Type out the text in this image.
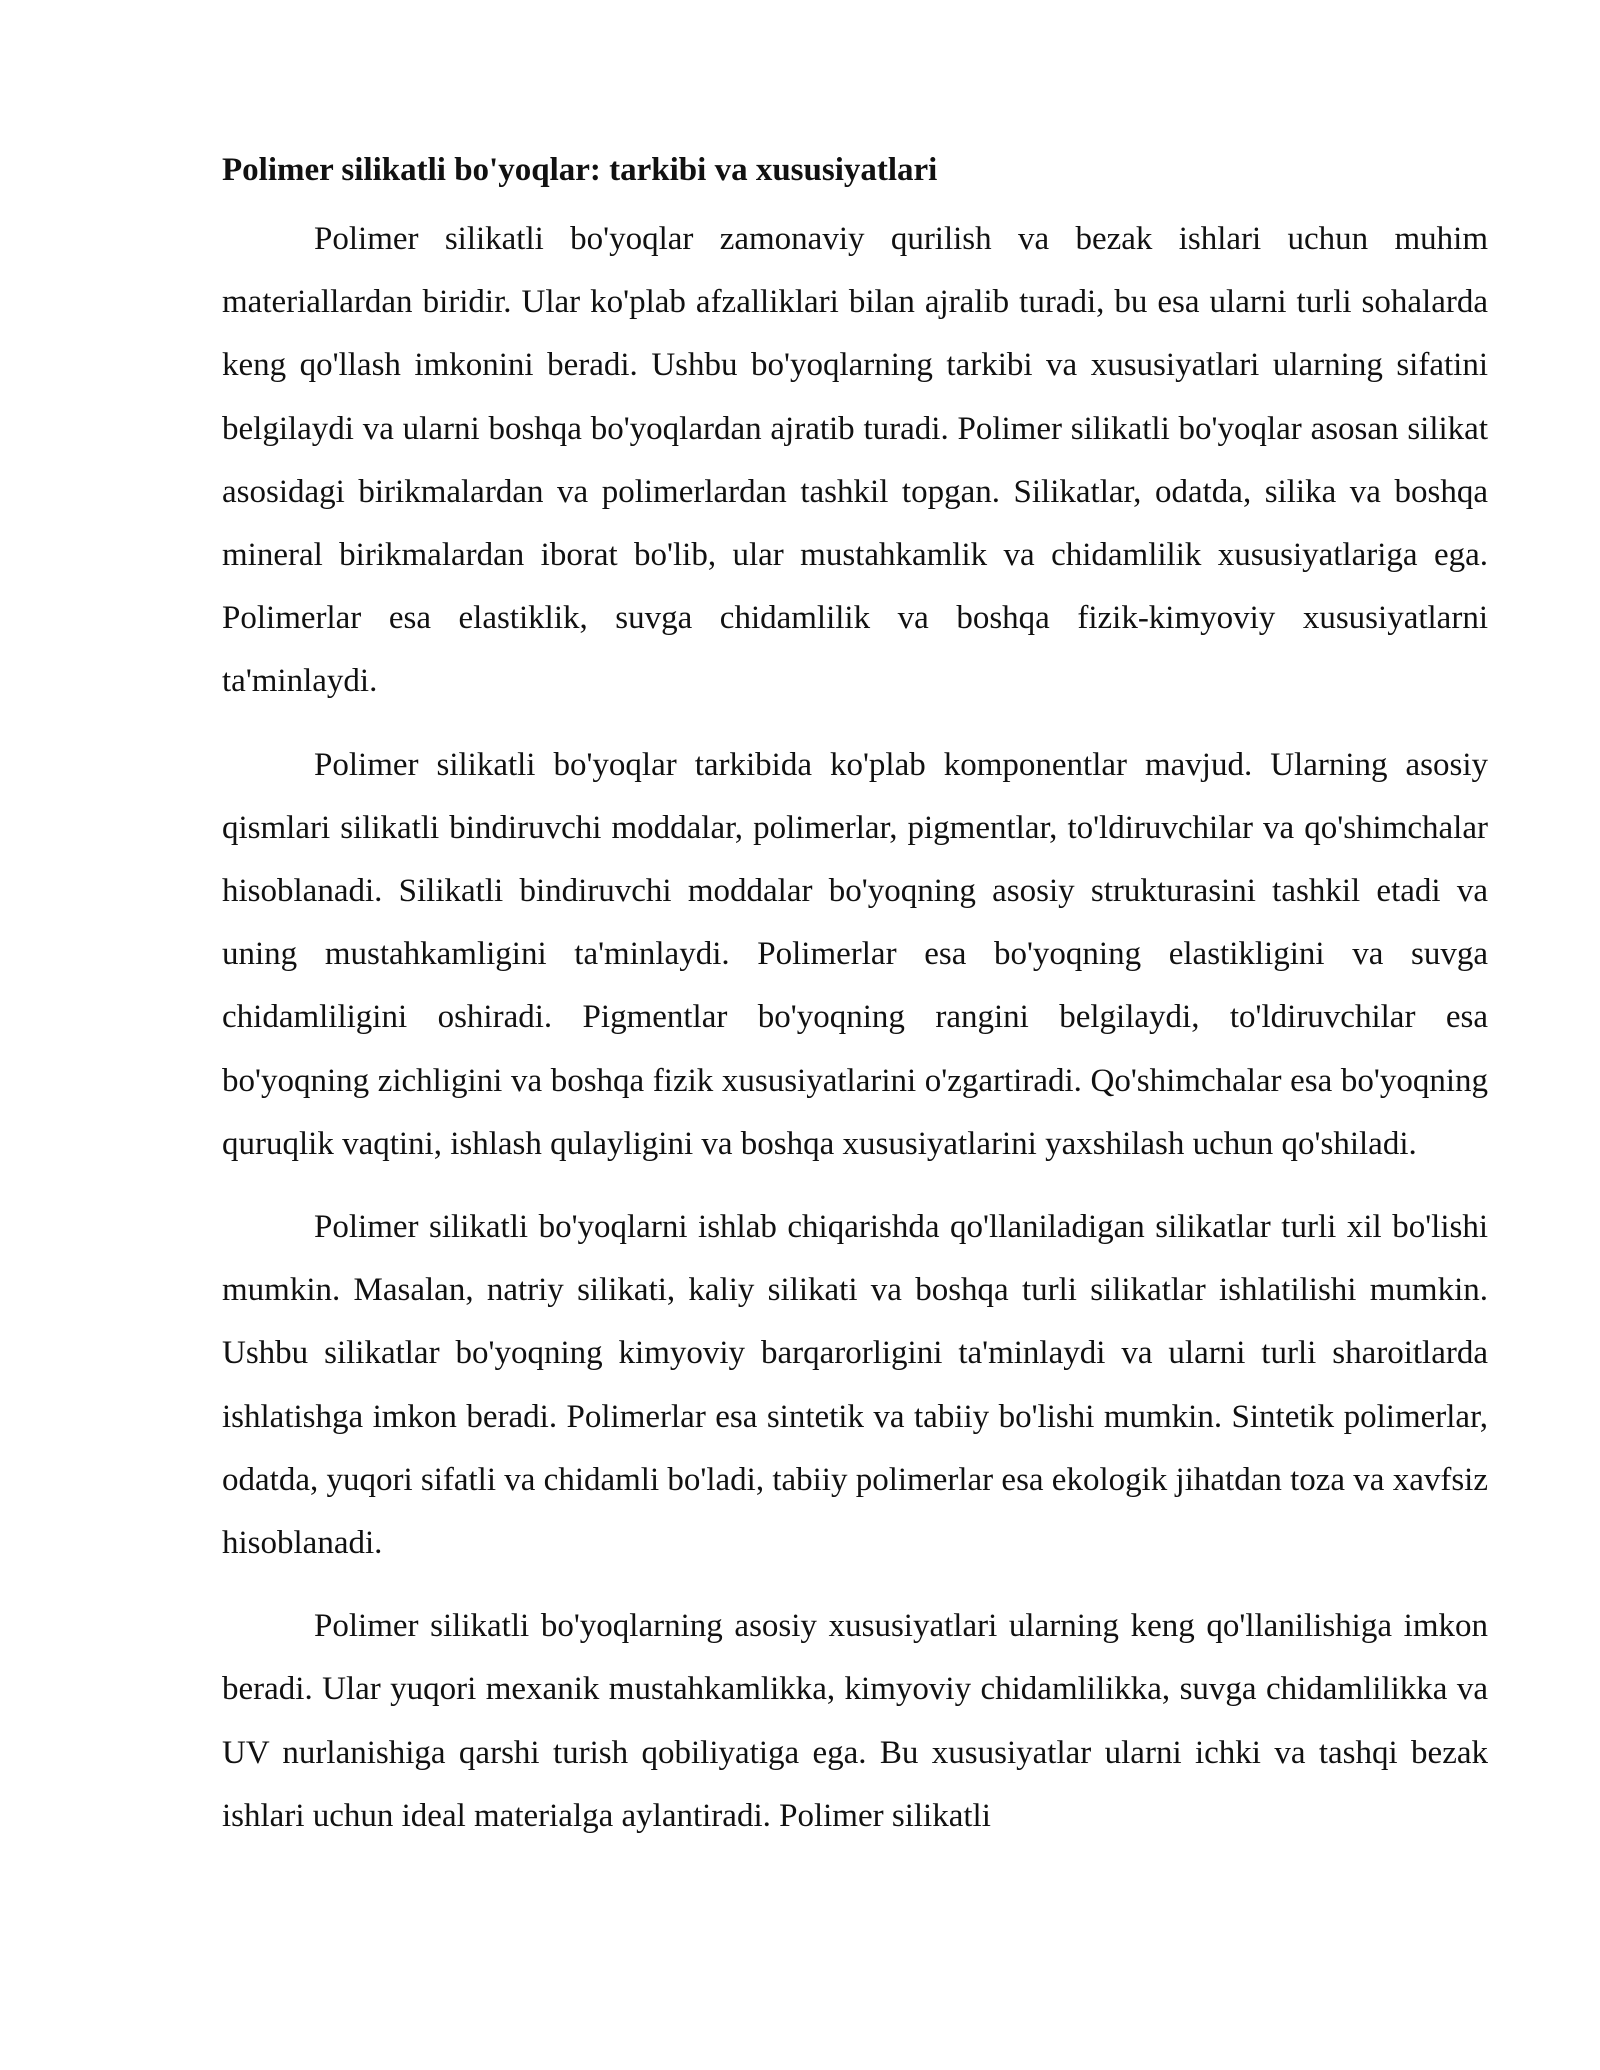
Polimer silikatli bo'yoqlar: tarkibi va xususiyatlari

Polimer silikatli bo'yoqlar zamonaviy qurilish va bezak ishlari uchun muhim materiallardan biridir. Ular ko'plab afzalliklari bilan ajralib turadi, bu esa ularni turli sohalarda keng qo'llash imkonini beradi. Ushbu bo'yoqlarning tarkibi va xususiyatlari ularning sifatini belgilaydi va ularni boshqa bo'yoqlardan ajratib turadi. Polimer silikatli bo'yoqlar asosan silikat asosidagi birikmalardan va polimerlardan tashkil topgan. Silikatlar, odatda, silika va boshqa mineral birikmalardan iborat bo'lib, ular mustahkamlik va chidamlilik xususiyatlariga ega. Polimerlar esa elastiklik, suvga chidamlilik va boshqa fizik-kimyoviy xususiyatlarni ta'minlaydi.

Polimer silikatli bo'yoqlar tarkibida ko'plab komponentlar mavjud. Ularning asosiy qismlari silikatli bindiruvchi moddalar, polimerlar, pigmentlar, to'ldiruvchilar va qo'shimchalar hisoblanadi. Silikatli bindiruvchi moddalar bo'yoqning asosiy strukturasini tashkil etadi va uning mustahkamligini ta'minlaydi. Polimerlar esa bo'yoqning elastikligini va suvga chidamliligini oshiradi. Pigmentlar bo'yoqning rangini belgilaydi, to'ldiruvchilar esa bo'yoqning zichligini va boshqa fizik xususiyatlarini o'zgartiradi. Qo'shimchalar esa bo'yoqning quruqlik vaqtini, ishlash qulayligini va boshqa xususiyatlarini yaxshilash uchun qo'shiladi.

Polimer silikatli bo'yoqlarni ishlab chiqarishda qo'llaniladigan silikatlar turli xil bo'lishi mumkin. Masalan, natriy silikati, kaliy silikati va boshqa turli silikatlar ishlatilishi mumkin. Ushbu silikatlar bo'yoqning kimyoviy barqarorligini ta'minlaydi va ularni turli sharoitlarda ishlatishga imkon beradi. Polimerlar esa sintetik va tabiiy bo'lishi mumkin. Sintetik polimerlar, odatda, yuqori sifatli va chidamli bo'ladi, tabiiy polimerlar esa ekologik jihatdan toza va xavfsiz hisoblanadi.

Polimer silikatli bo'yoqlarning asosiy xususiyatlari ularning keng qo'llanilishiga imkon beradi. Ular yuqori mexanik mustahkamlikka, kimyoviy chidamlilikka, suvga chidamlilikka va UV nurlanishiga qarshi turish qobiliyatiga ega. Bu xususiyatlar ularni ichki va tashqi bezak ishlari uchun ideal materialga aylantiradi. Polimer silikatli
